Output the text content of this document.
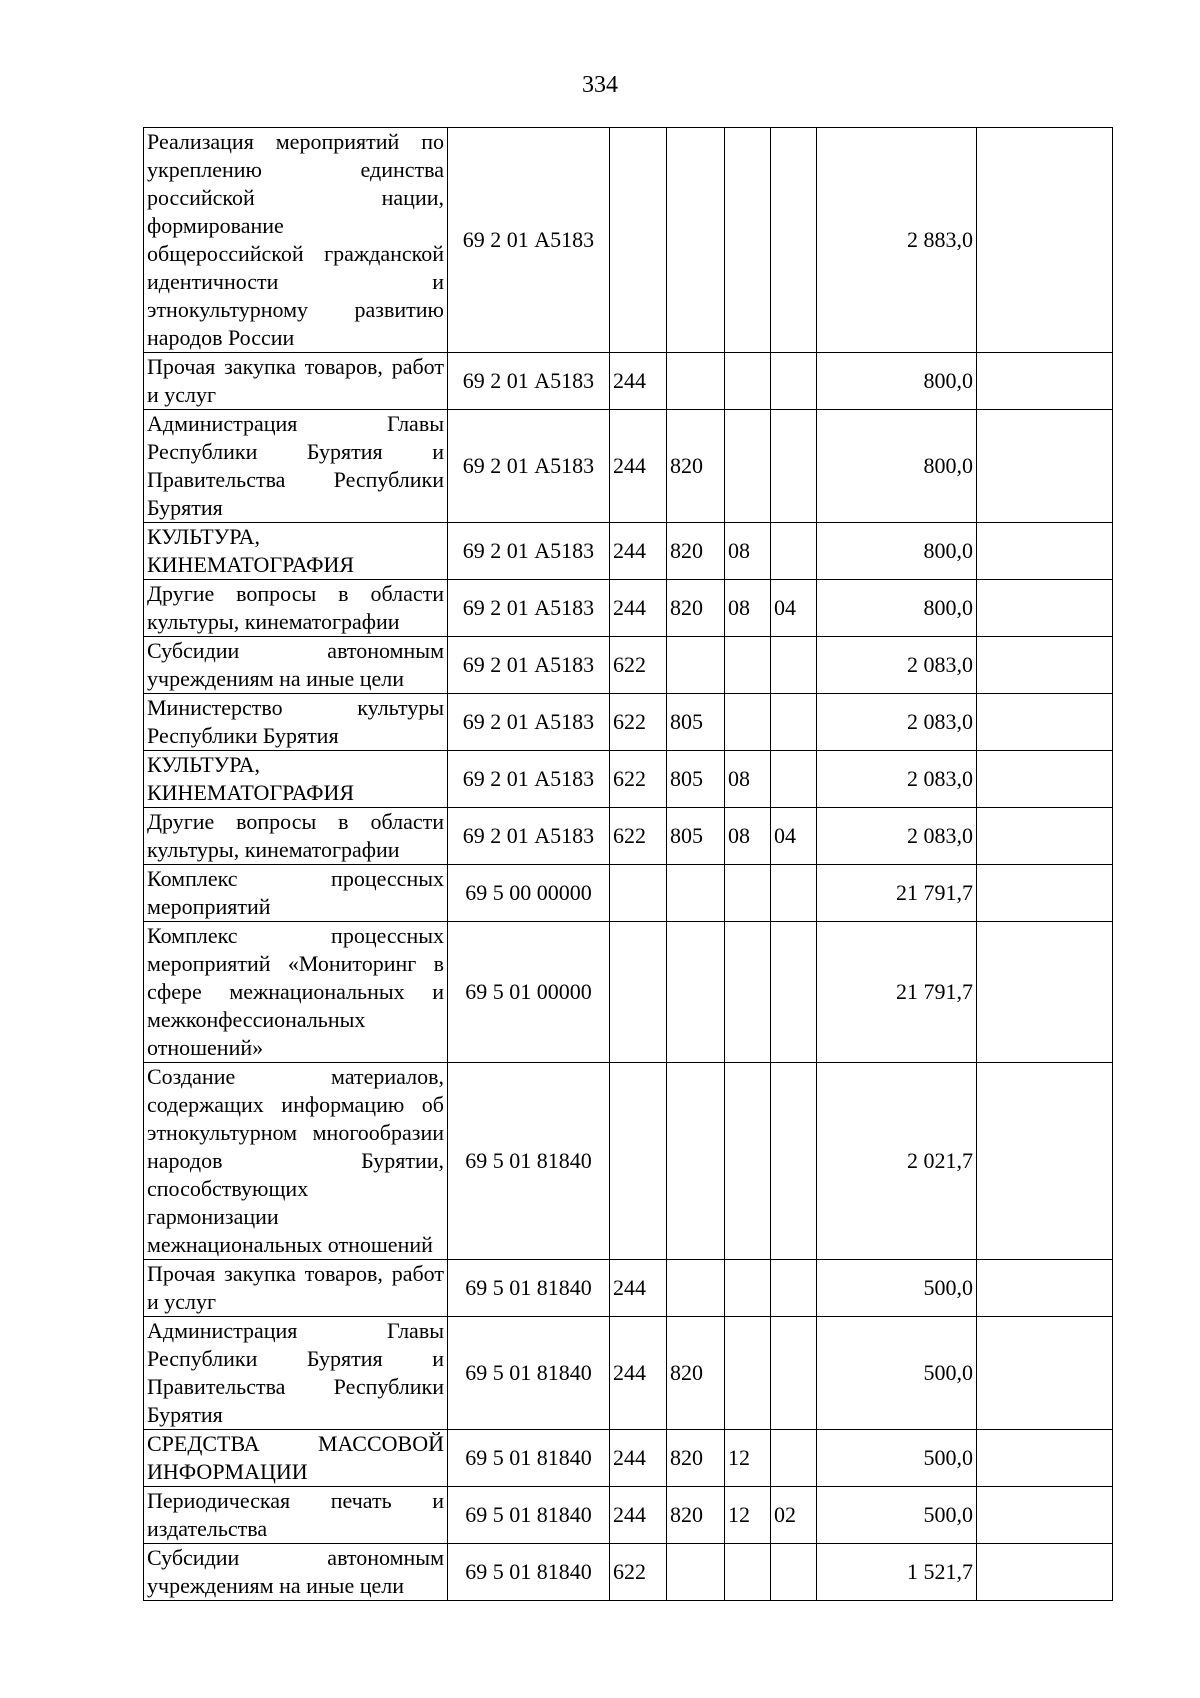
334
Реализация мероприятий по укреплению единства российской нации, формирование общероссийской гражданской идентичности и этнокультурному развитию народов России	69 2 01 А5183					2 883,0	
Прочая закупка товаров, работ и услуг	69 2 01 А5183	244				800,0	
Администрация Главы Республики Бурятия и Правительства Республики Бурятия	69 2 01 А5183	244	820			800,0	
КУЛЬТУРА, КИНЕМАТОГРАФИЯ	69 2 01 А5183	244	820	08		800,0	
Другие вопросы в области культуры, кинематографии	69 2 01 А5183	244	820	08	04	800,0	
Субсидии автономным учреждениям на иные цели	69 2 01 А5183	622				2 083,0	
Министерство культуры Республики Бурятия	69 2 01 А5183	622	805			2 083,0	
КУЛЬТУРА, КИНЕМАТОГРАФИЯ	69 2 01 А5183	622	805	08		2 083,0	
Другие вопросы в области культуры, кинематографии	69 2 01 А5183	622	805	08	04	2 083,0	
Комплекс процессных мероприятий	69 5 00 00000					21 791,7	
Комплекс процессных мероприятий «Мониторинг в сфере межнациональных и межконфессиональных отношений»	69 5 01 00000					21 791,7	
Создание материалов, содержащих информацию об этнокультурном многообразии народов Бурятии, способствующих гармонизации межнациональных отношений	69 5 01 81840					2 021,7	
Прочая закупка товаров, работ и услуг	69 5 01 81840	244				500,0	
Администрация Главы Республики Бурятия и Правительства Республики Бурятия	69 5 01 81840	244	820			500,0	
СРЕДСТВА МАССОВОЙ ИНФОРМАЦИИ	69 5 01 81840	244	820	12		500,0	
Периодическая печать и издательства	69 5 01 81840	244	820	12	02	500,0	
Субсидии автономным учреждениям на иные цели	69 5 01 81840	622				1 521,7	
